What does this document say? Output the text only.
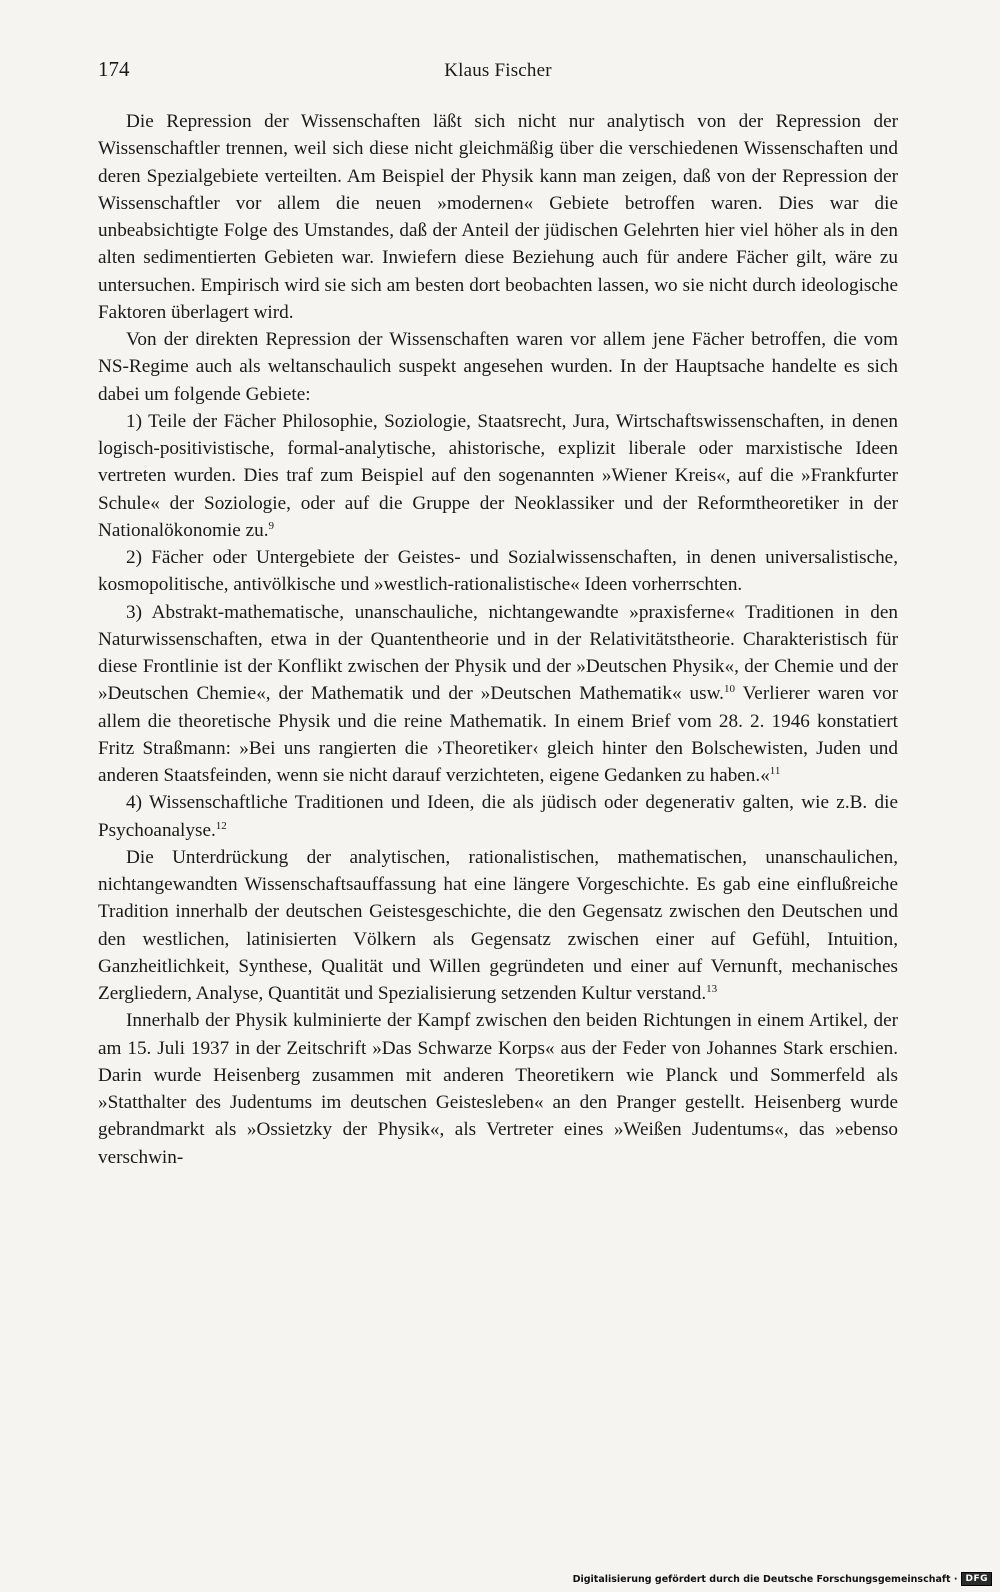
174	Klaus Fischer

Die Repression der Wissenschaften läßt sich nicht nur analytisch von der Repression der Wissenschaftler trennen, weil sich diese nicht gleichmäßig über die verschiedenen Wissenschaften und deren Spezialgebiete verteilten. Am Beispiel der Physik kann man zeigen, daß von der Repression der Wissenschaftler vor allem die neuen »modernen« Gebiete betroffen waren. Dies war die unbeabsichtigte Folge des Umstandes, daß der Anteil der jüdischen Gelehrten hier viel höher als in den alten sedimentierten Gebieten war. Inwiefern diese Beziehung auch für andere Fächer gilt, wäre zu untersuchen. Empirisch wird sie sich am besten dort beobachten lassen, wo sie nicht durch ideologische Faktoren überlagert wird.

Von der direkten Repression der Wissenschaften waren vor allem jene Fächer betroffen, die vom NS-Regime auch als weltanschaulich suspekt angesehen wurden. In der Hauptsache handelte es sich dabei um folgende Gebiete:

1) Teile der Fächer Philosophie, Soziologie, Staatsrecht, Jura, Wirtschaftswissenschaften, in denen logisch-positivistische, formal-analytische, ahistorische, explizit liberale oder marxistische Ideen vertreten wurden. Dies traf zum Beispiel auf den sogenannten »Wiener Kreis«, auf die »Frankfurter Schule« der Soziologie, oder auf die Gruppe der Neoklassiker und der Reformtheoretiker in der Nationalökonomie zu.$^9$

2) Fächer oder Untergebiete der Geistes- und Sozialwissenschaften, in denen universalistische, kosmopolitische, antivölkische und »westlich-rationalistische« Ideen vorherrschten.

3) Abstrakt-mathematische, unanschauliche, nichtangewandte »praxisferne« Traditionen in den Naturwissenschaften, etwa in der Quantentheorie und in der Relativitätstheorie. Charakteristisch für diese Frontlinie ist der Konflikt zwischen der Physik und der »Deutschen Physik«, der Chemie und der »Deutschen Chemie«, der Mathematik und der »Deutschen Mathematik« usw.$^{10}$ Verlierer waren vor allem die theoretische Physik und die reine Mathematik. In einem Brief vom 28. 2. 1946 konstatiert Fritz Straßmann: »Bei uns rangierten die ›Theoretiker‹ gleich hinter den Bolschewisten, Juden und anderen Staatsfeinden, wenn sie nicht darauf verzichteten, eigene Gedanken zu haben.«$^{11}$

4) Wissenschaftliche Traditionen und Ideen, die als jüdisch oder degenerativ galten, wie z.B. die Psychoanalyse.$^{12}$

Die Unterdrückung der analytischen, rationalistischen, mathematischen, unanschaulichen, nichtangewandten Wissenschaftsauffassung hat eine längere Vorgeschichte. Es gab eine einflußreiche Tradition innerhalb der deutschen Geistesgeschichte, die den Gegensatz zwischen den Deutschen und den westlichen, latinisierten Völkern als Gegensatz zwischen einer auf Gefühl, Intuition, Ganzheitlichkeit, Synthese, Qualität und Willen gegründeten und einer auf Vernunft, mechanisches Zergliedern, Analyse, Quantität und Spezialisierung setzenden Kultur verstand.$^{13}$

Innerhalb der Physik kulminierte der Kampf zwischen den beiden Richtungen in einem Artikel, der am 15. Juli 1937 in der Zeitschrift »Das Schwarze Korps« aus der Feder von Johannes Stark erschien. Darin wurde Heisenberg zusammen mit anderen Theoretikern wie Planck und Sommerfeld als »Statthalter des Judentums im deutschen Geistesleben« an den Pranger gestellt. Heisenberg wurde gebrandmarkt als »Ossietzky der Physik«, als Vertreter eines »Weißen Judentums«, das »ebenso verschwin-

Digitalisierung gefördert durch die Deutsche Forschungsgemeinschaft · DFG
